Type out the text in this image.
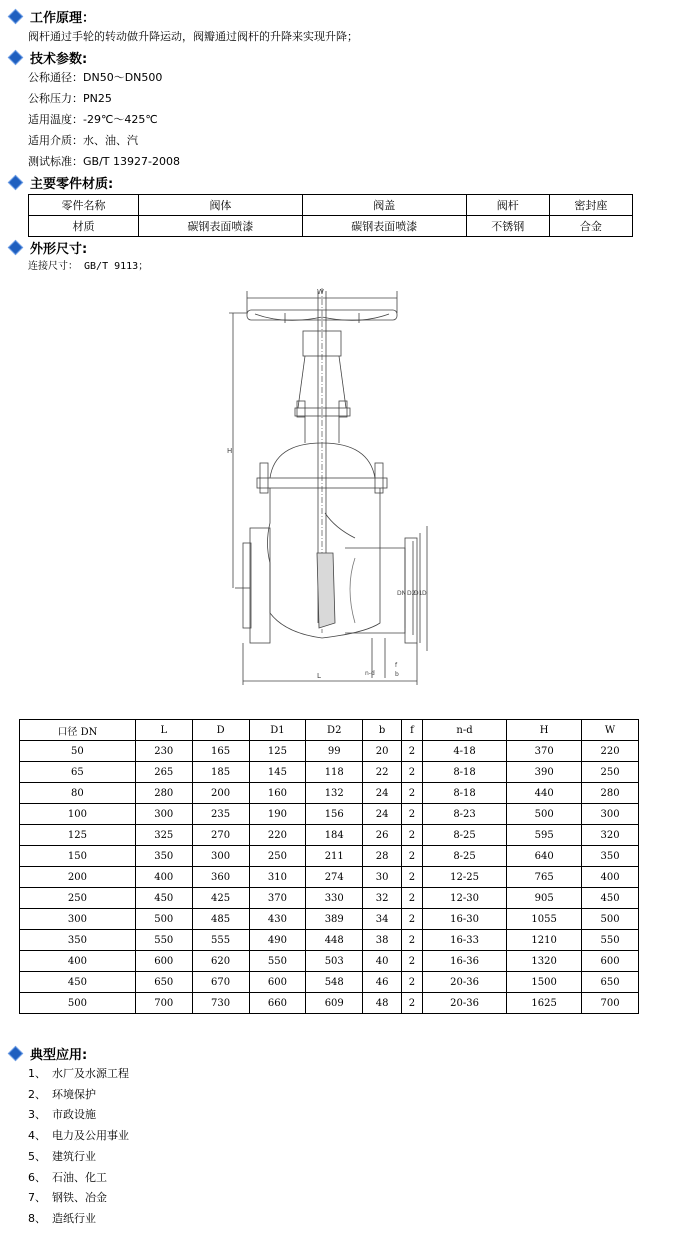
工作原理：
阀杆通过手轮的转动做升降运动，阀瓣通过阀杆的升降来实现升降；
技术参数:
公称通径：DN50～DN500
公称压力：PN25
适用温度：-29℃～425℃
适用介质：水、油、汽
测试标准：GB/T 13927-2008
主要零件材质:
零件名称	阀体	阀盖	阀杆	密封座
材质	碳钢表面喷漆	碳钢表面喷漆	不锈钢	合金
外形尺寸:
连接尺寸： GB/T 9113；
W
H
DN D2
D1 D
n-d
f
b
L
口径 DN	L	D	D1	D2	b	f	n-d	H	W
50	230	165	125	99	20	2	4-18	370	220
65	265	185	145	118	22	2	8-18	390	250
80	280	200	160	132	24	2	8-18	440	280
100	300	235	190	156	24	2	8-23	500	300
125	325	270	220	184	26	2	8-25	595	320
150	350	300	250	211	28	2	8-25	640	350
200	400	360	310	274	30	2	12-25	765	400
250	450	425	370	330	32	2	12-30	905	450
300	500	485	430	389	34	2	16-30	1055	500
350	550	555	490	448	38	2	16-33	1210	550
400	600	620	550	503	40	2	16-36	1320	600
450	650	670	600	548	46	2	20-36	1500	650
500	700	730	660	609	48	2	20-36	1625	700
典型应用:
1、 水厂及水源工程
2、 环境保护
3、 市政设施
4、 电力及公用事业
5、 建筑行业
6、 石油、化工
7、 钢铁、冶金
8、 造纸行业
